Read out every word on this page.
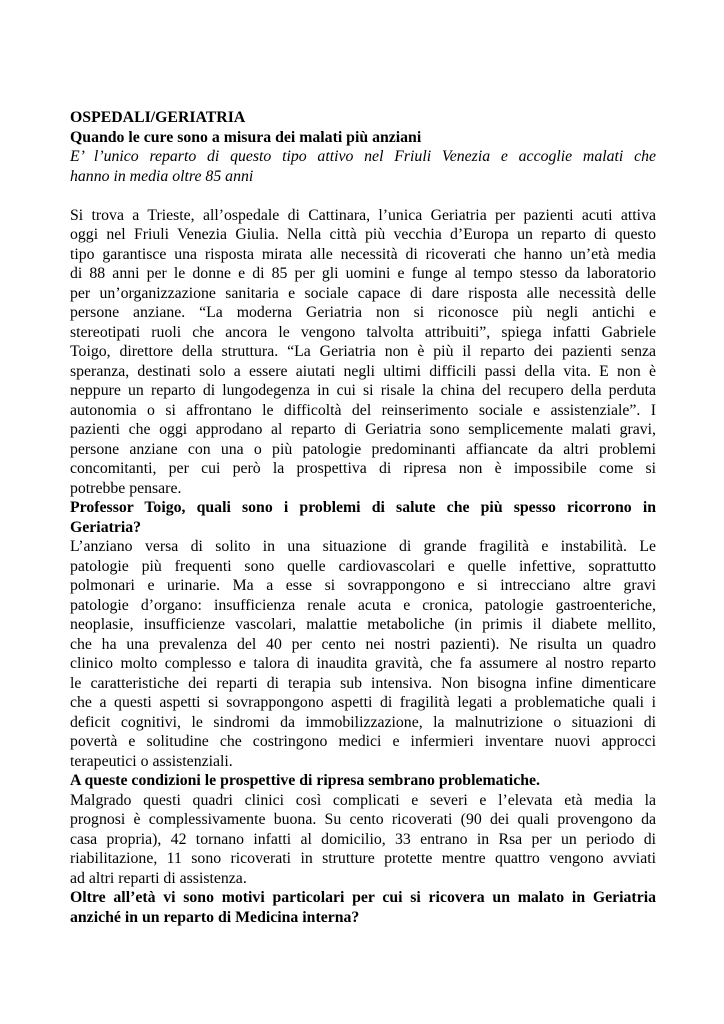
OSPEDALI/GERIATRIA
Quando le cure sono a misura dei malati più anziani
E’ l’unico reparto di questo tipo attivo nel Friuli Venezia e accoglie malati che
hanno in media oltre 85 anni
Si trova a Trieste, all’ospedale di Cattinara, l’unica Geriatria per pazienti acuti attiva
oggi nel Friuli Venezia Giulia. Nella città più vecchia d’Europa un reparto di questo
tipo garantisce una risposta mirata alle necessità di ricoverati che hanno un’età media
di 88 anni per le donne e di 85 per gli uomini e funge al tempo stesso da laboratorio
per un’organizzazione sanitaria e sociale capace di dare risposta alle necessità delle
persone anziane. “La moderna Geriatria non si riconosce più negli antichi e
stereotipati ruoli che ancora le vengono talvolta attribuiti”, spiega infatti Gabriele
Toigo, direttore della struttura. “La Geriatria non è più il reparto dei pazienti senza
speranza, destinati solo a essere aiutati negli ultimi difficili passi della vita. E non è
neppure un reparto di lungodegenza in cui si risale la china del recupero della perduta
autonomia o si affrontano le difficoltà del reinserimento sociale e assistenziale”. I
pazienti che oggi approdano al reparto di Geriatria sono semplicemente malati gravi,
persone anziane con una o più patologie predominanti affiancate da altri problemi
concomitanti, per cui però la prospettiva di ripresa non è impossibile come si
potrebbe pensare.
Professor Toigo, quali sono i problemi di salute che più spesso ricorrono in
Geriatria?
L’anziano versa di solito in una situazione di grande fragilità e instabilità. Le
patologie più frequenti sono quelle cardiovascolari e quelle infettive, soprattutto
polmonari e urinarie. Ma a esse si sovrappongono e si intrecciano altre gravi
patologie d’organo: insufficienza renale acuta e cronica, patologie gastroenteriche,
neoplasie, insufficienze vascolari, malattie metaboliche (in primis il diabete mellito,
che ha una prevalenza del 40 per cento nei nostri pazienti). Ne risulta un quadro
clinico molto complesso e talora di inaudita gravità, che fa assumere al nostro reparto
le caratteristiche dei reparti di terapia sub intensiva. Non bisogna infine dimenticare
che a questi aspetti si sovrappongono aspetti di fragilità legati a problematiche quali i
deficit cognitivi, le sindromi da immobilizzazione, la malnutrizione o situazioni di
povertà e solitudine che costringono medici e infermieri inventare nuovi approcci
terapeutici o assistenziali.
A queste condizioni le prospettive di ripresa sembrano problematiche.
Malgrado questi quadri clinici così complicati e severi e l’elevata età media la
prognosi è complessivamente buona. Su cento ricoverati (90 dei quali provengono da
casa propria), 42 tornano infatti al domicilio, 33 entrano in Rsa per un periodo di
riabilitazione, 11 sono ricoverati in strutture protette mentre quattro vengono avviati
ad altri reparti di assistenza.
Oltre all’età vi sono motivi particolari per cui si ricovera un malato in Geriatria
anziché in un reparto di Medicina interna?
